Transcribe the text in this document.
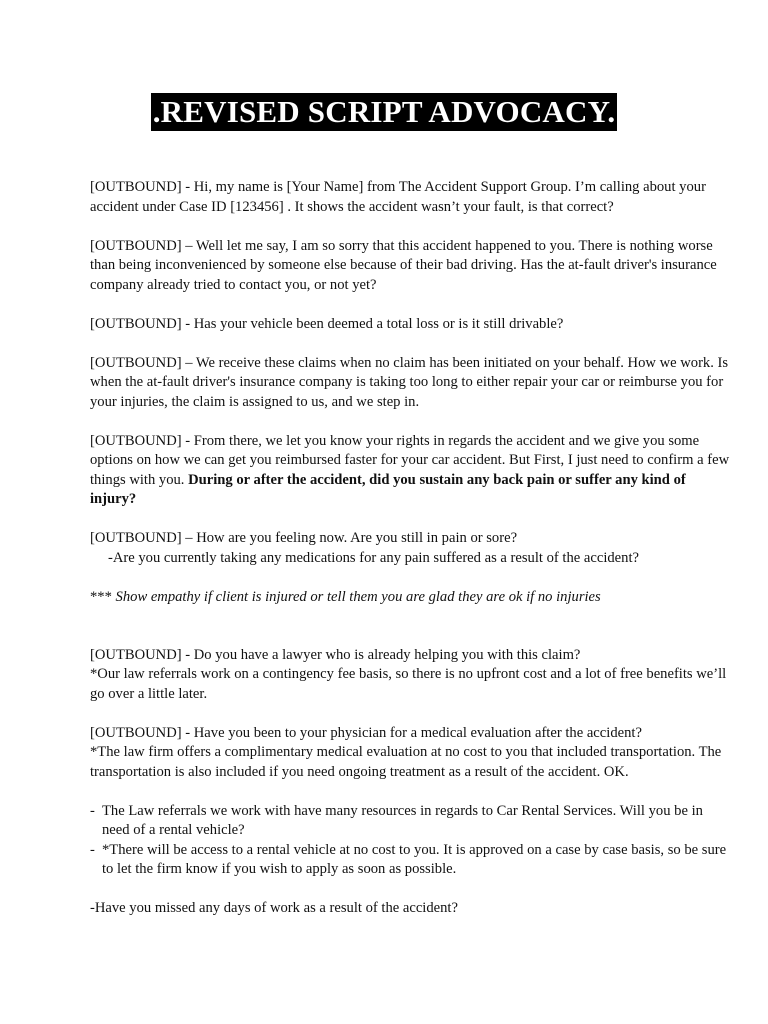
.REVISED SCRIPT ADVOCACY.

[OUTBOUND] - Hi, my name is [Your Name] from The Accident Support Group. I’m calling about your accident under Case ID [123456] . It shows the accident wasn’t your fault, is that correct?

[OUTBOUND] – Well let me say, I am so sorry that this accident happened to you. There is nothing worse than being inconvenienced by someone else because of their bad driving. Has the at-fault driver's insurance company already tried to contact you, or not yet?

[OUTBOUND] - Has your vehicle been deemed a total loss or is it still drivable?

[OUTBOUND] – We receive these claims when no claim has been initiated on your behalf. How we work. Is when the at-fault driver's insurance company is taking too long to either repair your car or reimburse you for your injuries, the claim is assigned to us, and we step in.

[OUTBOUND] - From there, we let you know your rights in regards the accident and we give you some options on how we can get you reimbursed faster for your car accident. But First, I just need to confirm a few things with you. During or after the accident, did you sustain any back pain or suffer any kind of injury?

[OUTBOUND] – How are you feeling now. Are you still in pain or sore?
-Are you currently taking any medications for any pain suffered as a result of the accident?

*** Show empathy if client is injured or tell them you are glad they are ok if no injuries

[OUTBOUND] - Do you have a lawyer who is already helping you with this claim?
*Our law referrals work on a contingency fee basis, so there is no upfront cost and a lot of free benefits we’ll go over a little later.

[OUTBOUND] - Have you been to your physician for a medical evaluation after the accident?
*The law firm offers a complimentary medical evaluation at no cost to you that included transportation. The transportation is also included if you need ongoing treatment as a result of the accident. OK.

- The Law referrals we work with have many resources in regards to Car Rental Services. Will you be in need of a rental vehicle?
- *There will be access to a rental vehicle at no cost to you. It is approved on a case by case basis, so be sure to let the firm know if you wish to apply as soon as possible.

-Have you missed any days of work as a result of the accident?
